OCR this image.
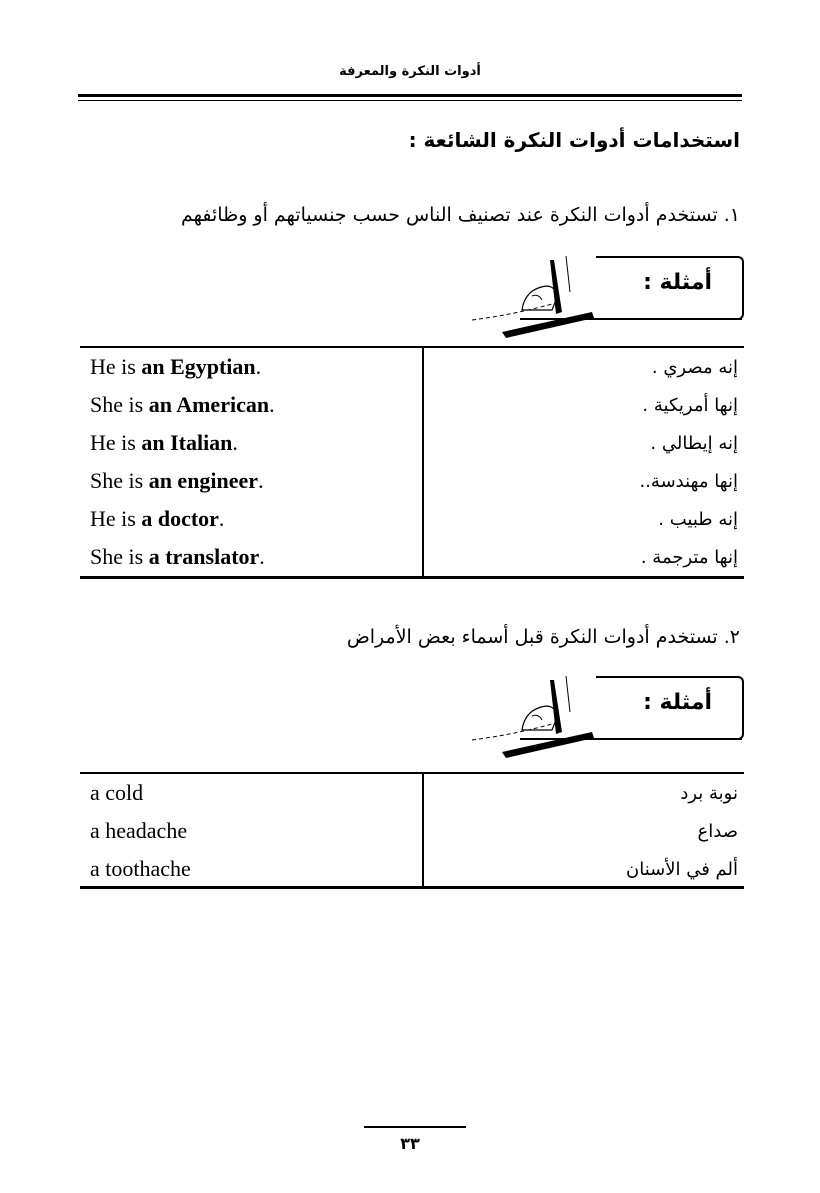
أدوات النكرة والمعرفة
استخدامات أدوات النكرة الشائعة :
١. تستخدم أدوات النكرة عند تصنيف الناس حسب جنسياتهم أو وظائفهم
أمثلة :
He is an Egyptian.	إنه مصري .
She is an American.	إنها أمريكية .
He is an Italian.	إنه إيطالي .
She is an engineer.	إنها مهندسة..
He is a doctor.	إنه طبيب .
She is a translator.	إنها مترجمة .
٢. تستخدم أدوات النكرة قبل أسماء بعض الأمراض
أمثلة :
a cold	نوبة برد
a headache	صداع
a toothache	ألم في الأسنان
٣٣
